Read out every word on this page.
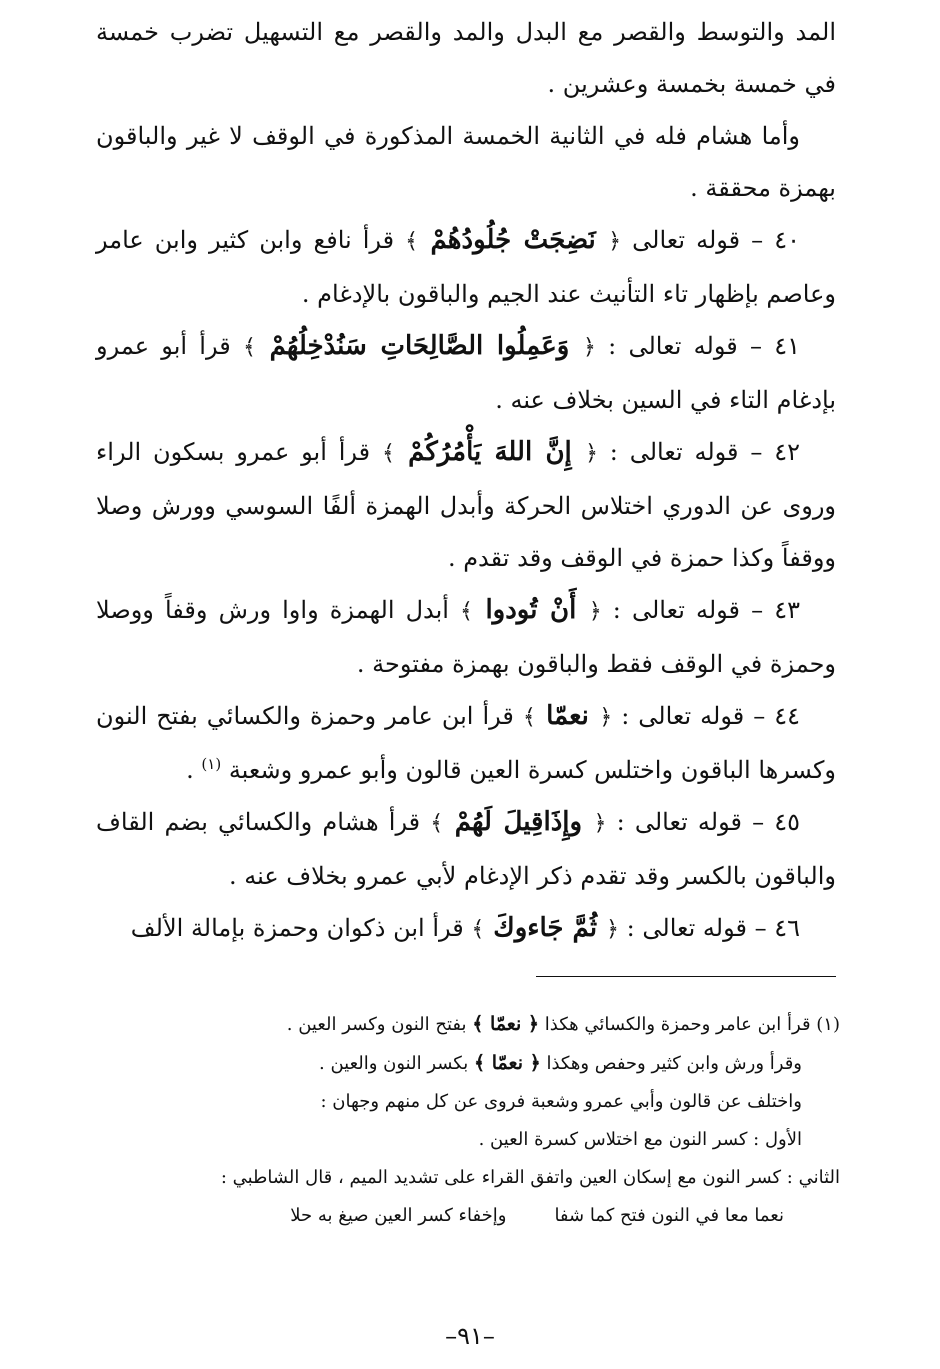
المد والتوسط والقصر مع البدل والمد والقصر مع التسهيل تضرب خمسة في خمسة بخمسة وعشرين .

وأما هشام فله في الثانية الخمسة المذكورة في الوقف لا غير والباقون بهمزة محققة .

٤٠ – قوله تعالى ﴿ نَضِجَتْ جُلُودُهُمْ ﴾ قرأ نافع وابن كثير وابن عامر وعاصم بإظهار تاء التأنيث عند الجيم والباقون بالإدغام .

٤١ – قوله تعالى : ﴿ وَعَمِلُوا الصَّالِحَاتِ سَنُدْخِلُهُمْ ﴾ قرأ أبو عمرو بإدغام التاء في السين بخلاف عنه .

٤٢ – قوله تعالى : ﴿ إِنَّ اللهَ يَأْمُرُكُمْ ﴾ قرأ أبو عمرو بسكون الراء وروى عن الدوري اختلاس الحركة وأبدل الهمزة ألفًا السوسي وورش وصلا ووقفاً وكذا حمزة في الوقف وقد تقدم .

٤٣ – قوله تعالى : ﴿ أَنْ تُودوا ﴾ أبدل الهمزة واوا ورش وقفاً ووصلا وحمزة في الوقف فقط والباقون بهمزة مفتوحة .

٤٤ – قوله تعالى : ﴿ نعمّا ﴾ قرأ ابن عامر وحمزة والكسائي بفتح النون وكسرها الباقون واختلس كسرة العين قالون وأبو عمرو وشعبة $^{(١)}$ .

٤٥ – قوله تعالى : ﴿ وإِذَاقِيلَ لَهُمْ ﴾ قرأ هشام والكسائي بضم القاف والباقون بالكسر وقد تقدم ذكر الإدغام لأبي عمرو بخلاف عنه .

٤٦ – قوله تعالى : ﴿ ثُمَّ جَاءوكَ ﴾ قرأ ابن ذكوان وحمزة بإمالة الألف

(١) قرأ ابن عامر وحمزة والكسائي هكذا ﴿ نعمّا ﴾ بفتح النون وكسر العين .

وقرأ ورش وابن كثير وحفص وهكذا ﴿ نعمّا ﴾ بكسر النون والعين .

واختلف عن قالون وأبي عمرو وشعبة فروى عن كل منهم وجهان :

الأول : كسر النون مع اختلاس كسرة العين .

الثاني : كسر النون مع إسكان العين واتفق القراء على تشديد الميم ، قال الشاطبي :

نعما معا في النون فتح كما شفا
وإخفاء كسر العين صيغ به حلا
–٩١–
